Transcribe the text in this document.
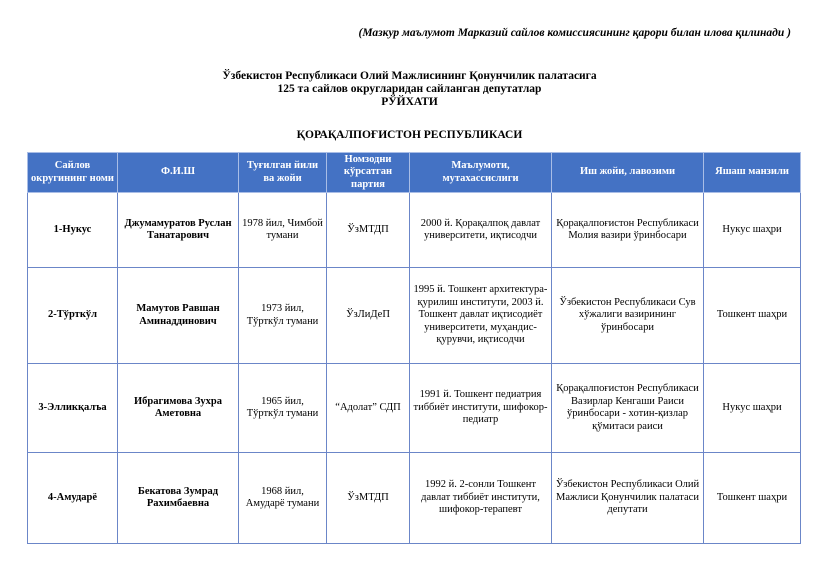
(Мазкур маълумот Марказий сайлов комиссиясининг қарори билан илова қилинади )
Ўзбекистон Республикаси Олий Мажлисининг Қонунчилик палатасига
125 та сайлов округларидан сайланган депутатлар
РЎЙХАТИ
ҚОРАҚАЛПОҒИСТОН РЕСПУБЛИКАСИ
Сайлов округининг номи	Ф.И.Ш	Туғилган йили ва жойи	Номзодни кўрсатган партия	Маълумоти, мутахассислиги	Иш жойи, лавозими	Яшаш манзили
1-Нукус	Джумамуратов Руслан Танатарович	1978 йил, Чимбой тумани	ЎзМТДП	2000 й. Қорақалпоқ давлат университети, иқтисодчи	Қорақалпоғистон Республикаси Молия вазири ўринбосари	Нукус шаҳри
2-Тўрткўл	Мамутов Равшан Аминаддинович	1973 йил, Тўрткўл тумани	ЎзЛиДеП	1995 й. Тошкент архитектура-қурилиш институти, 2003 й. Тошкент давлат иқтисодиёт университети, муҳандис-қурувчи, иқтисодчи	Ўзбекистон Республикаси Сув хўжалиги вазирининг ўринбосари	Тошкент шаҳри
3-Элликқалъа	Ибрагимова Зухра Аметовна	1965 йил, Тўрткўл тумани	“Адолат” СДП	1991 й. Тошкент педиатрия тиббиёт институти, шифокор-педиатр	Қорақалпоғистон Республикаси Вазирлар Кенгаши Раиси ўринбосари - хотин-қизлар қўмитаси раиси	Нукус шаҳри
4-Амударё	Бекатова Зумрад Рахимбаевна	1968 йил, Амударё тумани	ЎзМТДП	1992 й. 2-сонли Тошкент давлат тиббиёт институти, шифокор-терапевт	Ўзбекистон Республикаси Олий Мажлиси Қонунчилик палатаси депутати	Тошкент шаҳри
